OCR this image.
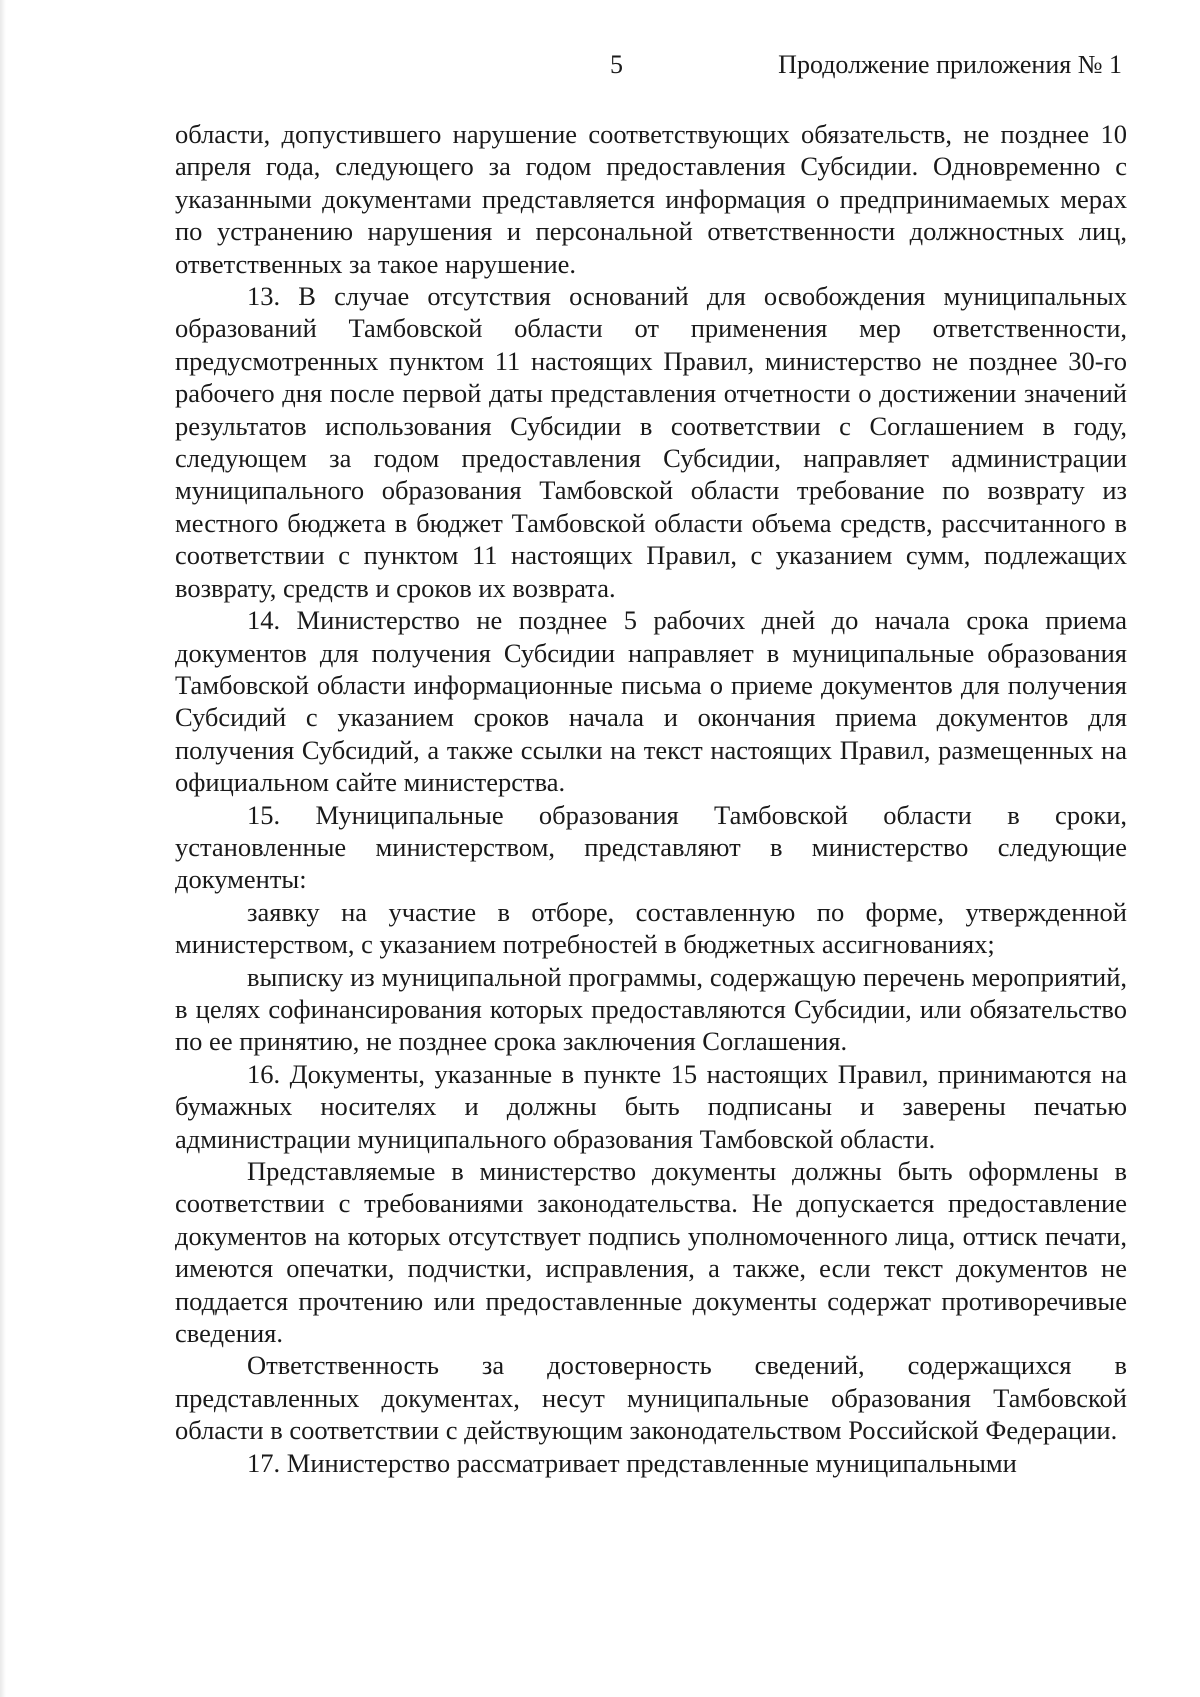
5	Продолжение приложения № 1

области, допустившего нарушение соответствующих обязательств, не позднее 10 апреля года, следующего за годом предоставления Субсидии. Одновременно с указанными документами представляется информация о предпринимаемых мерах по устранению нарушения и персональной ответственности должностных лиц, ответственных за такое нарушение.

13. В случае отсутствия оснований для освобождения муниципальных образований Тамбовской области от применения мер ответственности, предусмотренных пунктом 11 настоящих Правил, министерство не позднее 30-го рабочего дня после первой даты представления отчетности о достижении значений результатов использования Субсидии в соответствии с Соглашением в году, следующем за годом предоставления Субсидии, направляет администрации муниципального образования Тамбовской области требование по возврату из местного бюджета в бюджет Тамбовской области объема средств, рассчитанного в соответствии с пунктом 11 настоящих Правил, с указанием сумм, подлежащих возврату, средств и сроков их возврата.

14. Министерство не позднее 5 рабочих дней до начала срока приема документов для получения Субсидии направляет в муниципальные образования Тамбовской области информационные письма о приеме документов для получения Субсидий с указанием сроков начала и окончания приема документов для получения Субсидий, а также ссылки на текст настоящих Правил, размещенных на официальном сайте министерства.

15. Муниципальные образования Тамбовской области в сроки, установленные министерством, представляют в министерство следующие документы:

заявку на участие в отборе, составленную по форме, утвержденной министерством, с указанием потребностей в бюджетных ассигнованиях;

выписку из муниципальной программы, содержащую перечень мероприятий, в целях софинансирования которых предоставляются Субсидии, или обязательство по ее принятию, не позднее срока заключения Соглашения.

16. Документы, указанные в пункте 15 настоящих Правил, принимаются на бумажных носителях и должны быть подписаны и заверены печатью администрации муниципального образования Тамбовской области.

Представляемые в министерство документы должны быть оформлены в соответствии с требованиями законодательства. Не допускается предоставление документов на которых отсутствует подпись уполномоченного лица, оттиск печати, имеются опечатки, подчистки, исправления, а также, если текст документов не поддается прочтению или предоставленные документы содержат противоречивые сведения.

Ответственность за достоверность сведений, содержащихся в представленных документах, несут муниципальные образования Тамбовской области в соответствии с действующим законодательством Российской Федерации.

17. Министерство рассматривает представленные муниципальными
